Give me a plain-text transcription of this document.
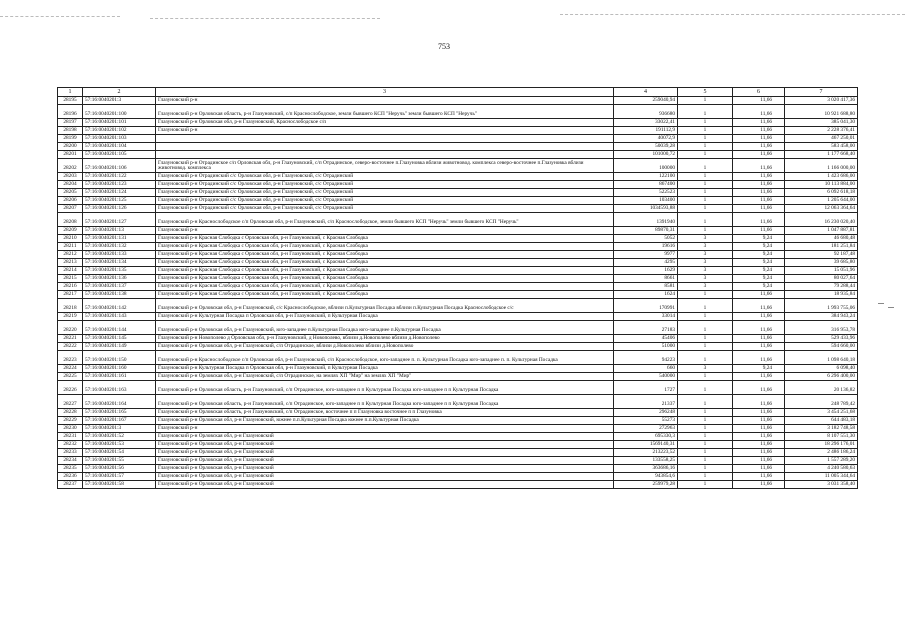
753
1	2	3	4	5	6	7
28195	57:16:0040201:3	Глазуновский р-н	259040,94	1	11,66	3 020 417,36
28196	57:16:0040201:100	Глазуновский р-н Орловская область, р-н Глазуновский, с/п Краснослободское, земли бывшего КСП "Неручь" земли бывшего КСП "Неручь"	936680	1	11,66	10 921 688,80
28197	57:16:0040201:101	Глазуновский р-н Орловская обл, р-н Глазуновский, Краснослободское с/п	33022,41	1	11,66	385 041,30
28198	57:16:0040201:102	Глазуновский р-н	191112,9	1	11,66	2 228 376,41
28199	57:16:0040201:103		40072,9	1	11,66	467 250,01
28200	57:16:0040201:104		50039,28	1	11,66	583 458,00
28201	57:16:0040201:105		101000,72	1	11,66	1 177 668,40
28202	57:16:0040201:106	Глазуновский р-н Отрадинское с/п Орловская обл, р-н Глазуновский, с/п Отрадинское, северо-восточнее п.Глазуновка вблизи животновод. комплекса северо-восточнее п.Глазуновка вблизи животновод. комплекса	100000	1	11,66	1 166 000,00
28203	57:16:0040201:122	Глазуновский р-н Отрадинский с/с Орловская обл, р-н Глазуновский, с/с Отрадинский	122100	1	11,66	1 423 686,00
28204	57:16:0040201:123	Глазуновский р-н Отрадинский с/с Орловская обл, р-н Глазуновский, с/с Отрадинский	867400	1	11,66	10 113 884,00
28205	57:16:0040201:124	Глазуновский р-н Отрадинский с/с Орловская обл, р-н Глазуновский, с/с Отрадинский	522523	1	11,66	6 092 618,18
28206	57:16:0040201:125	Глазуновский р-н Отрадинский с/с Орловская обл, р-н Глазуновский, с/с Отрадинский	103400	1	11,66	1 205 644,00
28207	57:16:0040201:126	Глазуновский р-н Отрадинский с/с Орловская обл, р-н Глазуновский, с/с Отрадинский	1034593,88	1	11,66	12 063 364,64
28208	57:16:0040201:127	Глазуновский р-н Краснослободское с/п Орловская обл, р-н Глазуновский, с/п Краснослободское, земли бывшего КСП "Неручь" земли бывшего КСП "Неручь"	1391940	1	11,66	16 230 020,40
28209	57:16:0040201:13	Глазуновский р-н	89870,31	1	11,66	1 047 887,81
28210	57:16:0040201:131	Глазуновский р-н Красная Слободка с Орловская обл, р-н Глазуновский, с Красная Слободка	5052	3	9,24	46 680,48
28211	57:16:0040201:132	Глазуновский р-н Красная Слободка с Орловская обл, р-н Глазуновский, с Красная Слободка	19616	3	9,24	181 251,84
28212	57:16:0040201:133	Глазуновский р-н Красная Слободка с Орловская обл, р-н Глазуновский, с Красная Слободка	9977	3	9,24	92 187,48
28213	57:16:0040201:134	Глазуновский р-н Красная Слободка с Орловская обл, р-н Глазуновский, с Красная Слободка	4295	3	9,24	39 685,80
28214	57:16:0040201:135	Глазуновский р-н Красная Слободка с Орловская обл, р-н Глазуновский, с Красная Слободка	1629	3	9,24	15 051,96
28215	57:16:0040201:136	Глазуновский р-н Красная Слободка с Орловская обл, р-н Глазуновский, с Красная Слободка	8661	3	9,24	80 027,64
28216	57:16:0040201:137	Глазуновский р-н Красная Слободка с Орловская обл, р-н Глазуновский, с Красная Слободка	8581	3	9,24	79 288,44
28217	57:16:0040201:138	Глазуновский р-н Красная Слободка с Орловская обл, р-н Глазуновский, с Красная Слободка	1624	1	11,66	18 935,84
28218	57:16:0040201:142	Глазуновский р-н Орловская обл, р-н Глазуновский, с/с Краснослободское, вблизи п.Культурная Посадка вблизи п.Культурная Посадка Краснослободское с/с	170991	1	11,66	1 993 755,06
28219	57:16:0040201:143	Глазуновский р-н Культурная Посадка п Орловская обл, р-н Глазуновский, п Культурная Посадка	33014	1	11,66	384 943,24
28220	57:16:0040201:144	Глазуновский р-н Орловская обл, р-н Глазуновский, юго-западнее п.Культурная Посадка юго-западнее п.Культурная Посадка	27183	1	11,66	316 953,78
28221	57:16:0040201:145	Глазуновский р-н Новополево д Орловская обл, р-н Глазуновский, д Новополево, вблизи д.Новополево вблизи д.Новополево	45406	1	11,66	529 433,96
28222	57:16:0040201:149	Глазуновский р-н Орловская обл, р-н Глазуновский, с/п Отрадинское, вблизи д.Новополево вблизи д.Новополево	51000	1	11,66	594 660,00
28223	57:16:0040201:150	Глазуновский р-н Краснослободское с/п Орловская обл, р-н Глазуновский, с/п Краснослободское, юго-западнее п. п. Культурная Посадка юго-западнее п. п. Культурная Посадка	94223	1	11,66	1 098 640,18
28224	57:16:0040201:160	Глазуновский р-н Культурная Посадка п Орловская обл, р-н Глазуновский, п Культурная Посадка	660	3	9,24	6 098,40
28225	57:16:0040201:161	Глазуновский р-н Орловская обл, р-н Глазуновский, с/п Отрадинское, на землях ХП "Мир" на землях ХП "Мир"	540000	1	11,66	6 296 400,00
28226	57:16:0040201:163	Глазуновский р-н Орловская область, р-н Глазуновский, с/п Отрадинское, юго-западнее п п Культурная Посадка юго-западнее п п Культурная Посадка	1727	1	11,66	20 136,82
28227	57:16:0040201:164	Глазуновский р-н Орловская область, р-н Глазуновский, с/п Отрадинское, юго-западнее п п Культурная Посадка юго-западнее п п Культурная Посадка	21337	1	11,66	248 789,42
28228	57:16:0040201:165	Глазуновский р-н Орловская область, р-н Глазуновский, с/п Отрадинское, восточнее п п Глазуновка восточнее п п Глазуновка	296248	1	11,66	3 454 251,68
28229	57:16:0040201:167	Глазуновский р-н Орловская обл, р-н Глазуновский, южнее п.п.Культурная Посадка южнее п.п.Культурная Посадка	55273	1	11,66	644 483,18
28230	57:16:0040201:3	Глазуновский р-н	272963	1	11,66	3 182 748,58
28231	57:16:0040201:52	Глазуновский р-н Орловская обл, р-н Глазуновский	695330,3	1	11,66	8 107 551,30
28232	57:16:0040201:53	Глазуновский р-н Орловская обл, р-н Глазуновский	1569140,31	1	11,66	18 296 176,01
28233	57:16:0040201:54	Глазуновский р-н Орловская обл, р-н Глазуновский	213223,52	1	11,66	2 486 186,24
28234	57:16:0040201:55	Глазуновский р-н Орловская обл, р-н Глазуновский	133558,25	1	11,66	1 557 289,20
28235	57:16:0040201:56	Глазуновский р-н Орловская обл, р-н Глазуновский	363686,16	1	11,66	4 240 580,63
28236	57:16:0040201:57	Глазуновский р-н Орловская обл, р-н Глазуновский	943854,6	1	11,66	11 005 344,64
28237	57:16:0040201:58	Глазуновский р-н Орловская обл, р-н Глазуновский	259979,28	1	11,66	3 031 358,40
